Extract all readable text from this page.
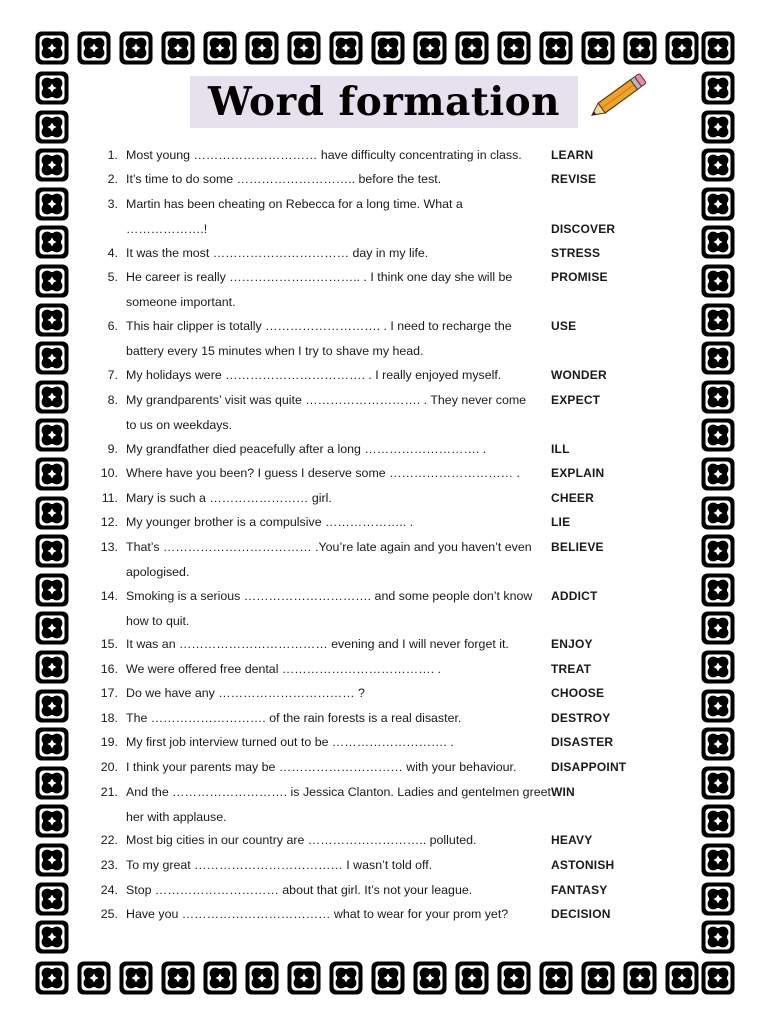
Word formation
1. Most young ………………………… have difficulty concentrating in class. LEARN
2. It’s time to do some ……………………….. before the test.	REVISE
3. Martin has been cheating on Rebecca for a long time. What a
……………….!	DISCOVER
4. It was the most …………………………… day in my life.	STRESS
5. He career is really ………………………….. . I think one day she will be
someone important.
PROMISE
6. This hair clipper is totally ………………………. . I need to recharge the
battery every 15 minutes when I try to shave my head.
USE
7. My holidays were ……………………………. . I really enjoyed myself.	WONDER
8. My grandparents’ visit was quite ………………………. . They never come
to us on weekdays.
EXPECT
9. My grandfather died peacefully after a long ………………………. .	ILL
10. Where have you been? I guess I deserve some ………………………… .	EXPLAIN
11. Mary is such a …………………… girl.	CHEER
12. My younger brother is a compulsive ……………….. .	LIE
13. That’s ……………………………… .You’re late again and you haven’t even
apologised.
BELIEVE
14. Smoking is a serious …………………………. and some people don’t know
how to quit.
ADDICT
15. It was an ……………………………… evening and I will never forget it.	ENJOY
16. We were offered free dental ………………………………. .	TREAT
17. Do we have any …………………………… ?	CHOOSE
18. The ………………………. of the rain forests is a real disaster.	DESTROY
19. My first job interview turned out to be ………………………. .	DISASTER
20. I think your parents may be ………………………… with your behaviour.	DISAPPOINT
21. And the ………………………. is Jessica Clanton. Ladies and gentelmen greet
her with applause.
WIN
22. Most big cities in our country are ……………………….. polluted.	HEAVY
23. To my great ……………………………… I wasn’t told off.	ASTONISH
24. Stop ………………………… about that girl. It’s not your league.	FANTASY
25. Have you ……………………………… what to wear for your prom yet?	DECISION
